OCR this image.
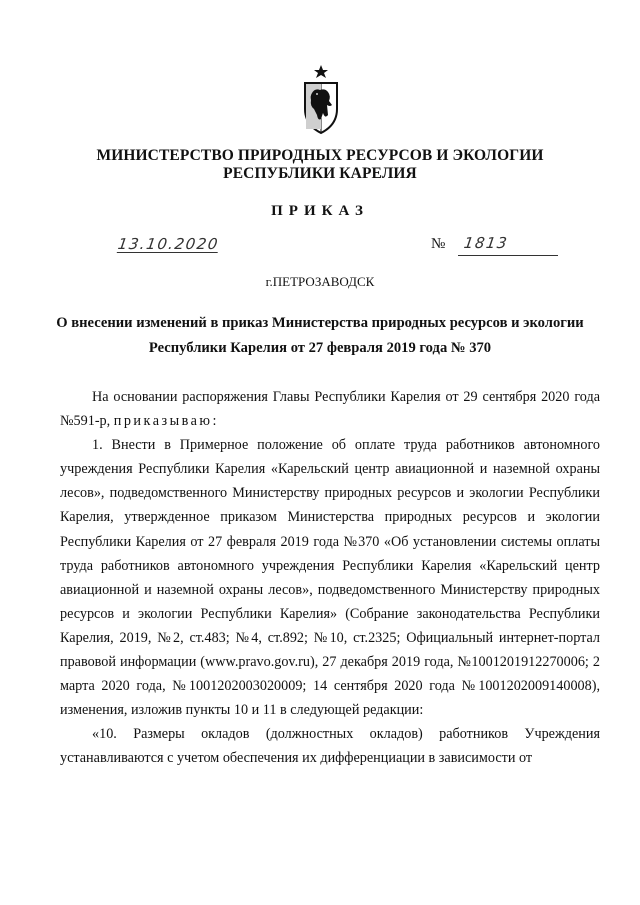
МИНИСТЕРСТВО ПРИРОДНЫХ РЕСУРСОВ И ЭКОЛОГИИ
РЕСПУБЛИКИ КАРЕЛИЯ
ПРИКАЗ
13.10.2020	№ 1813
г.ПЕТРОЗАВОДСК
О внесении изменений в приказ Министерства природных ресурсов и экологии
Республики Карелия от 27 февраля 2019 года № 370

На основании распоряжения Главы Республики Карелия от 29 сентября 2020 года №591-р, приказываю:

1. Внести в Примерное положение об оплате труда работников автономного учреждения Республики Карелия «Карельский центр авиационной и наземной охраны лесов», подведомственного Министерству природных ресурсов и экологии Республики Карелия, утвержденное приказом Министерства природных ресурсов и экологии Республики Карелия от 27 февраля 2019 года №370 «Об установлении системы оплаты труда работников автономного учреждения Республики Карелия «Карельский центр авиационной и наземной охраны лесов», подведомственного Министерству природных ресурсов и экологии Республики Карелия» (Собрание законодательства Республики Карелия, 2019, №2, ст.483; №4, ст.892; №10, ст.2325; Официальный интернет-портал правовой информации (www.pravo.gov.ru), 27 декабря 2019 года, №1001201912270006; 2 марта 2020 года, №1001202003020009; 14 сентября 2020 года №1001202009140008), изменения, изложив пункты 10 и 11 в следующей редакции:

«10. Размеры окладов (должностных окладов) работников Учреждения устанавливаются с учетом обеспечения их дифференциации в зависимости от
